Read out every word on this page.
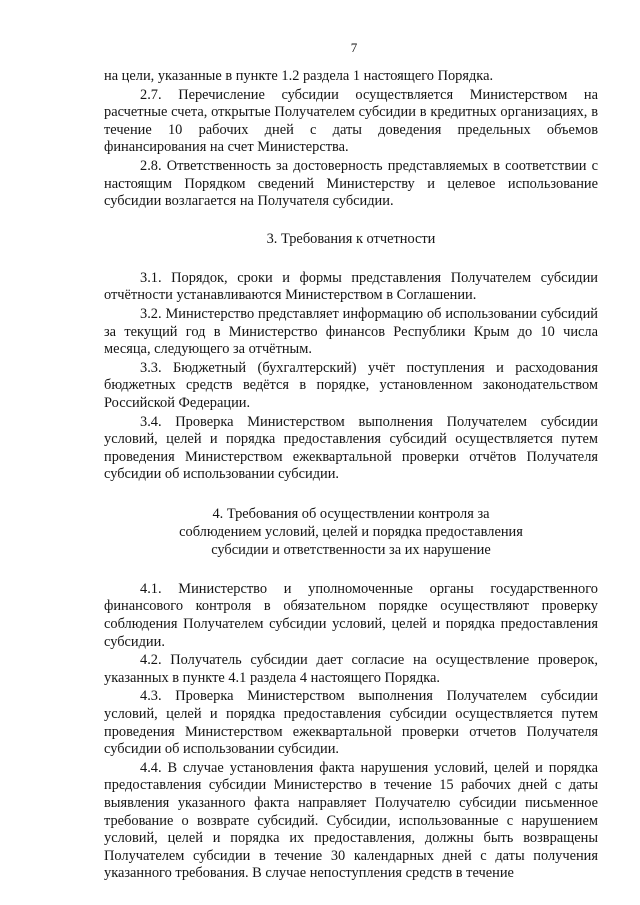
7

на цели, указанные в пункте 1.2 раздела 1 настоящего Порядка.

2.7. Перечисление субсидии осуществляется Министерством на расчетные счета, открытые Получателем субсидии в кредитных организациях, в течение 10 рабочих дней с даты доведения предельных объемов финансирования на счет Министерства.

2.8. Ответственность за достоверность представляемых в соответствии с настоящим Порядком сведений Министерству и целевое использование субсидии возлагается на Получателя субсидии.

3. Требования к отчетности

3.1. Порядок, сроки и формы представления Получателем субсидии отчётности устанавливаются Министерством в Соглашении.

3.2. Министерство представляет информацию об использовании субсидий за текущий год в Министерство финансов Республики Крым до 10 числа месяца, следующего за отчётным.

3.3. Бюджетный (бухгалтерский) учёт поступления и расходования бюджетных средств ведётся в порядке, установленном законодательством Российской Федерации.

3.4. Проверка Министерством выполнения Получателем субсидии условий, целей и порядка предоставления субсидий осуществляется путем проведения Министерством ежеквартальной проверки отчётов Получателя субсидии об использовании субсидии.

4. Требования об осуществлении контроля за

соблюдением условий, целей и порядка предоставления

субсидии и ответственности за их нарушение

4.1. Министерство и уполномоченные органы государственного финансового контроля в обязательном порядке осуществляют проверку соблюдения Получателем субсидии условий, целей и порядка предоставления субсидии.

4.2. Получатель субсидии дает согласие на осуществление проверок, указанных в пункте 4.1 раздела 4 настоящего Порядка.

4.3. Проверка Министерством выполнения Получателем субсидии условий, целей и порядка предоставления субсидии осуществляется путем проведения Министерством ежеквартальной проверки отчетов Получателя субсидии об использовании субсидии.

4.4. В случае установления факта нарушения условий, целей и порядка предоставления субсидии Министерство в течение 15 рабочих дней с даты выявления указанного факта направляет Получателю субсидии письменное требование о возврате субсидий. Субсидии, использованные с нарушением условий, целей и порядка их предоставления, должны быть возвращены Получателем субсидии в течение 30 календарных дней с даты получения указанного требования. В случае непоступления средств в течение
